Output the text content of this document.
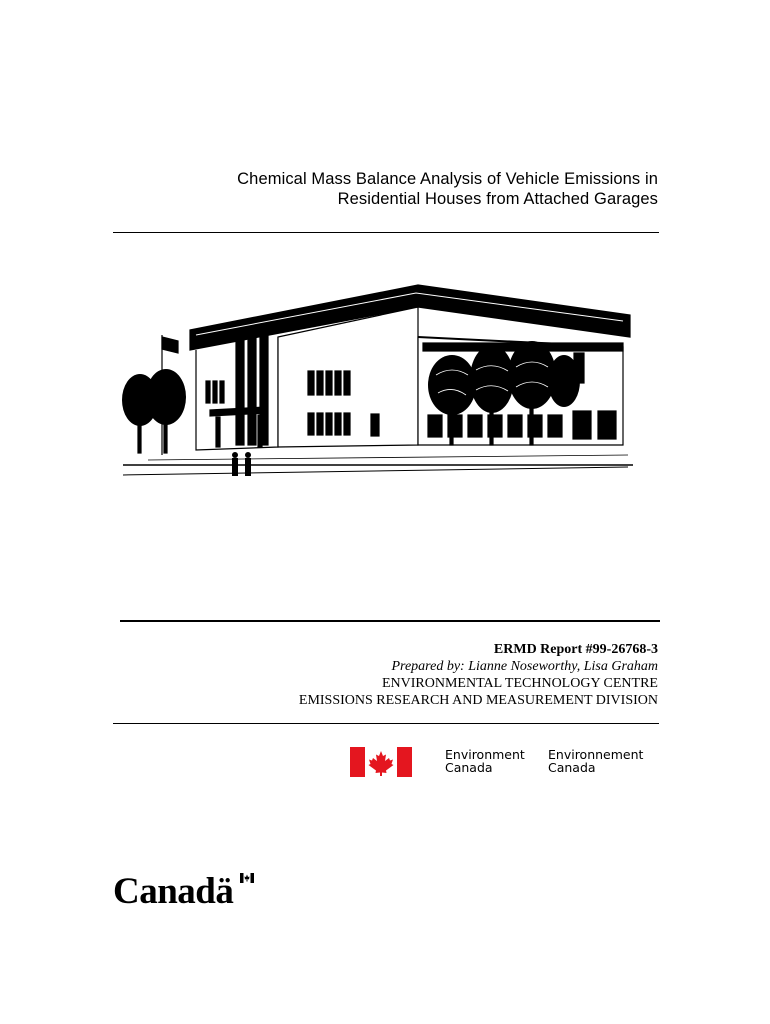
Chemical Mass Balance Analysis of Vehicle Emissions in
Residential Houses from Attached Garages
ERMD Report #99-26768-3
Prepared by: Lianne Noseworthy, Lisa Graham
ENVIRONMENTAL TECHNOLOGY CENTRE
EMISSIONS RESEARCH AND MEASUREMENT DIVISION
Environment
Canada
Environnement
Canada
Canadä
